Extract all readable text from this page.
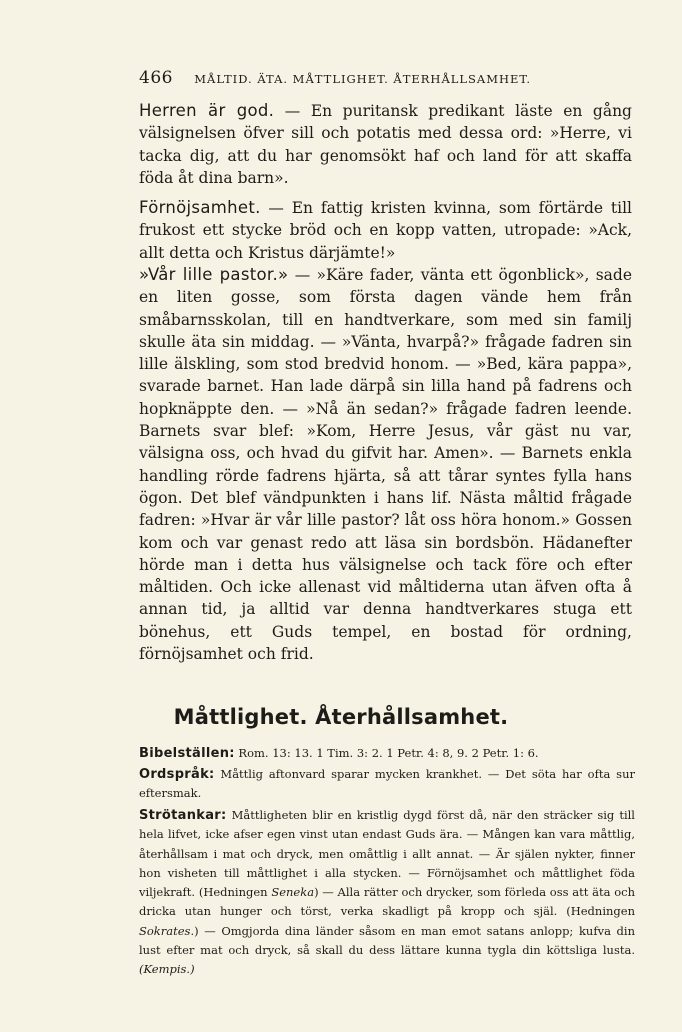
466 MÅLTID. ÄTA. MÅTTLIGHET. ÅTERHÅLLSAMHET.

Herren är god. — En puritansk predikant läste en gång välsignelsen öfver sill och potatis med dessa ord: »Herre, vi tacka dig, att du har genomsökt haf och land för att skaffa föda åt dina barn».

Förnöjsamhet. — En fattig kristen kvinna, som förtärde till frukost ett stycke bröd och en kopp vatten, utropade: »Ack, allt detta och Kristus därjämte!»

»Vår lille pastor.» — »Käre fader, vänta ett ögonblick», sade en liten gosse, som första dagen vände hem från småbarnsskolan, till en handtverkare, som med sin familj skulle äta sin middag. — »Vänta, hvarpå?» frågade fadren sin lille älskling, som stod bredvid honom. — »Bed, kära pappa», svarade barnet. Han lade därpå sin lilla hand på fadrens och hopknäppte den. — »Nå än sedan?» frågade fadren leende. Barnets svar blef: »Kom, Herre Jesus, vår gäst nu var, välsigna oss, och hvad du gifvit har. Amen». — Barnets enkla handling rörde fadrens hjärta, så att tårar syntes fylla hans ögon. Det blef vändpunkten i hans lif. Nästa måltid frågade fadren: »Hvar är vår lille pastor? låt oss höra honom.» Gossen kom och var genast redo att läsa sin bordsbön. Hädanefter hörde man i detta hus välsignelse och tack före och efter måltiden. Och icke allenast vid måltiderna utan äfven ofta å annan tid, ja alltid var denna handtverkares stuga ett bönehus, ett Guds tempel, en bostad för ordning, förnöjsamhet och frid.

Måttlighet. Återhållsamhet.

Bibelställen: Rom. 13: 13. 1 Tim. 3: 2. 1 Petr. 4: 8, 9. 2 Petr. 1: 6.

Ordspråk: Måttlig aftonvard sparar mycken krankhet. — Det söta har ofta sur eftersmak.

Strötankar: Måttligheten blir en kristlig dygd först då, när den sträcker sig till hela lifvet, icke afser egen vinst utan endast Guds ära. — Mången kan vara måttlig, återhållsam i mat och dryck, men omåttlig i allt annat. — Är själen nykter, finner hon visheten till måttlighet i alla stycken. — Förnöjsamhet och måttlighet föda viljekraft. (Hedningen Seneka) — Alla rätter och drycker, som förleda oss att äta och dricka utan hunger och törst, verka skadligt på kropp och själ. (Hedningen Sokrates.) — Omgjorda dina länder såsom en man emot satans anlopp; kufva din lust efter mat och dryck, så skall du dess lättare kunna tygla din köttsliga lusta. (Kempis.)
